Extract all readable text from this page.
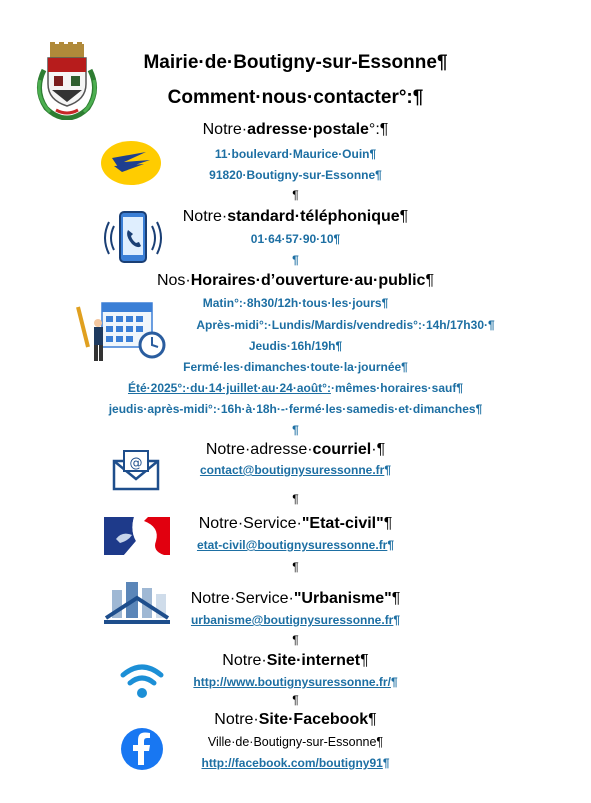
Mairie·de·Boutigny-sur-Essonne¶
Comment·nous·contacter°:¶
Notre·adresse·postale°:¶
11·boulevard·Maurice·Ouin¶
91820·Boutigny-sur-Essonne¶
¶
Notre·standard·téléphonique¶
01·64·57·90·10¶
¶
Nos·Horaires·d’ouverture·au·public¶
Matin°:·8h30/12h·tous·les·jours¶
Après-midi°:·Lundis/Mardis/vendredis°:·14h/17h30·¶
Jeudis·16h/19h¶
Fermé·les·dimanches·toute·la·journée¶
Été·2025°:·du·14·juillet·au·24·août°:·mêmes·horaires·sauf¶
jeudis·après-midi°:·16h·à·18h·-·fermé·les·samedis·et·dimanches¶
¶
@
Notre·adresse·courriel·¶
contact@boutignysuressonne.fr¶
¶
Notre·Service·"Etat-civil"¶
etat-civil@boutignysuressonne.fr¶
¶
Notre·Service·"Urbanisme"¶
urbanisme@boutignysuressonne.fr¶
¶
Notre·Site·internet¶
http://www.boutignysuressonne.fr/¶
¶
Notre·Site·Facebook¶
Ville·de·Boutigny-sur-Essonne¶
http://facebook.com/boutigny91¶
